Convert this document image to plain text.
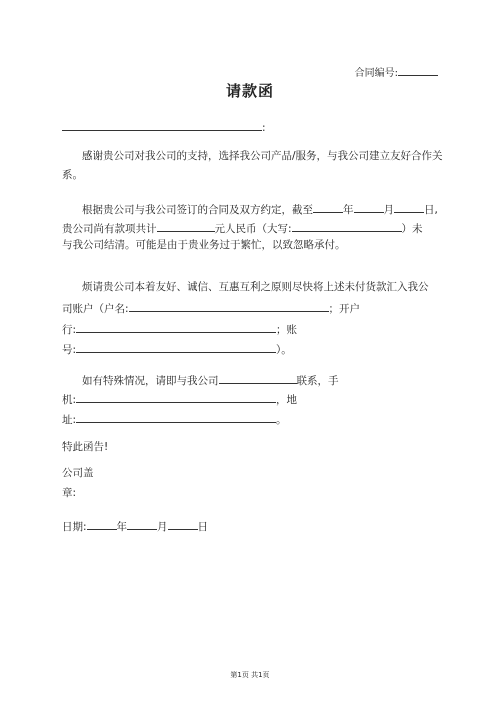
合同编号:
请款函
:
感谢贵公司对我公司的支持，选择我公司产品/服务，与我公司建立友好合作关
系。
根据贵公司与我公司签订的合同及双方约定，截至	年	月	日,
贵公司尚有款项共计	元人民币（大写:	）未
与我公司结清。可能是由于贵业务过于繁忙，以致忽略承付。
烦请贵公司本着友好、诚信、互惠互利之原则尽快将上述未付货款汇入我公
司账户（户名:	；开户
行:	；账
号:	）。
如有特殊情况，请即与我公司	联系，手
机:	，地
址:	。
特此函告!
公司盖
章:
日期:	年	月	日
第1页 共1页
